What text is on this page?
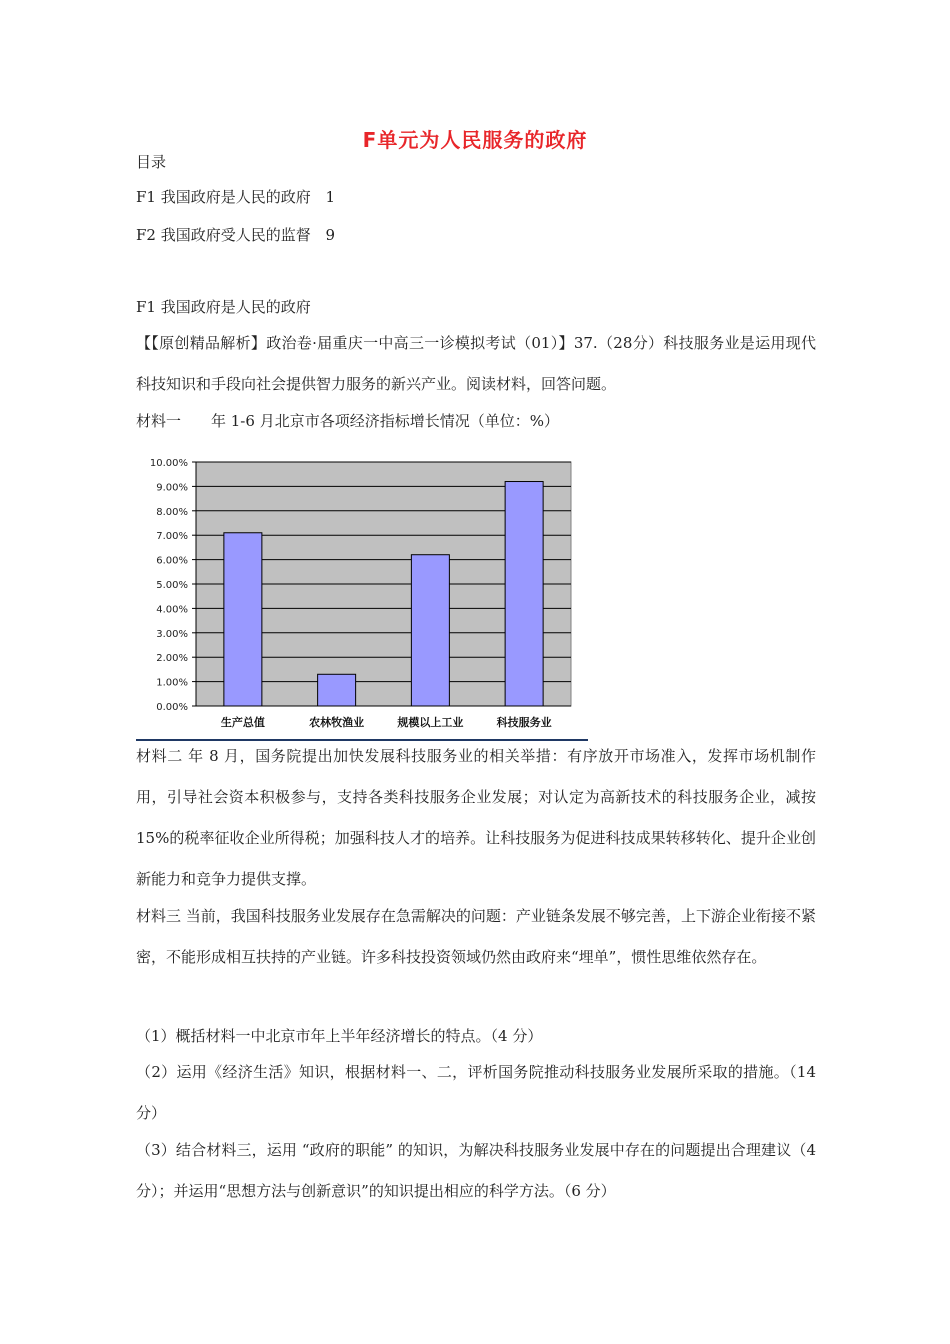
F单元为人民服务的政府
目录
F1 我国政府是人民的政府 1
F2 我国政府受人民的监督 9
F1 我国政府是人民的政府
【【原创精品解析】政治卷·届重庆一中高三一诊模拟考试（01）】37.（28分）科技服务业是运用现代科技知识和手段向社会提供智力服务的新兴产业。阅读材料，回答问题。
材料一　　年 1-6 月北京市各项经济指标增长情况（单位：%）
0.00%
1.00%
2.00%
3.00%
4.00%
5.00%
6.00%
7.00%
8.00%
9.00%
10.00%
生产总值	农林牧渔业	规模以上工业	科技服务业
材料二 年 8 月，国务院提出加快发展科技服务业的相关举措：有序放开市场准入，发挥市场机制作用，引导社会资本积极参与，支持各类科技服务企业发展；对认定为高新技术的科技服务企业，减按 15%的税率征收企业所得税；加强科技人才的培养。让科技服务为促进科技成果转移转化、提升企业创新能力和竞争力提供支撑。
材料三 当前，我国科技服务业发展存在急需解决的问题：产业链条发展不够完善，上下游企业衔接不紧密，不能形成相互扶持的产业链。许多科技投资领域仍然由政府来“埋单”，惯性思维依然存在。
（1）概括材料一中北京市年上半年经济增长的特点。（4 分）
（2）运用《经济生活》知识，根据材料一、二，评析国务院推动科技服务业发展所采取的措施。（14 分）
（3）结合材料三，运用 “政府的职能” 的知识，为解决科技服务业发展中存在的问题提出合理建议（4 分）；并运用“思想方法与创新意识”的知识提出相应的科学方法。（6 分）
